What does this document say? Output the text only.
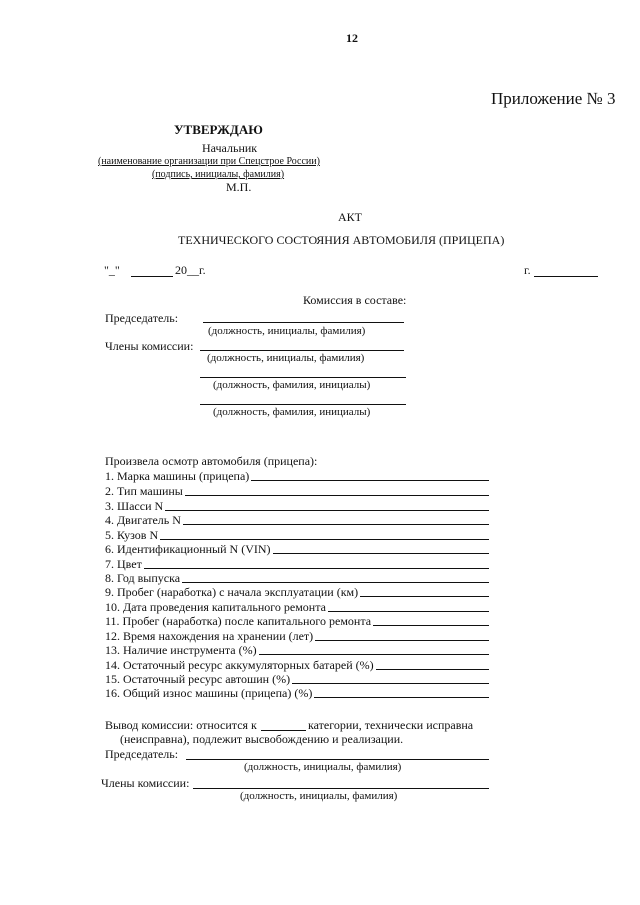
12
Приложение № 3
УТВЕРЖДАЮ
Начальник
(наименование организации при Спецстрое России)
(подпись, инициалы, фамилия)
М.П.
АКТ
ТЕХНИЧЕСКОГО СОСТОЯНИЯ АВТОМОБИЛЯ (ПРИЦЕПА)
"_"	20__г.	г.
Комиссия в составе:
Председатель:
(должность, инициалы, фамилия)
Члены комиссии:
(должность, инициалы, фамилия)
(должность, фамилия, инициалы)
(должность, фамилия, инициалы)
Произвела осмотр автомобиля (прицепа):
1. Марка машины (прицепа)
2. Тип машины
3. Шасси N
4. Двигатель N
5. Кузов N
6. Идентификационный N (VIN)
7. Цвет
8. Год выпуска
9. Пробег (наработка) с начала эксплуатации (км)
10. Дата проведения капитального ремонта
11. Пробег (наработка) после капитального ремонта
12. Время нахождения на хранении (лет)
13. Наличие инструмента (%)
14. Остаточный ресурс аккумуляторных батарей (%)
15. Остаточный ресурс автошин (%)
16. Общий износ машины (прицепа) (%)
Вывод комиссии: относится к	категории, технически исправна
(неисправна), подлежит высвобождению и реализации.
Председатель:
(должность, инициалы, фамилия)
Члены комиссии:
(должность, инициалы, фамилия)
